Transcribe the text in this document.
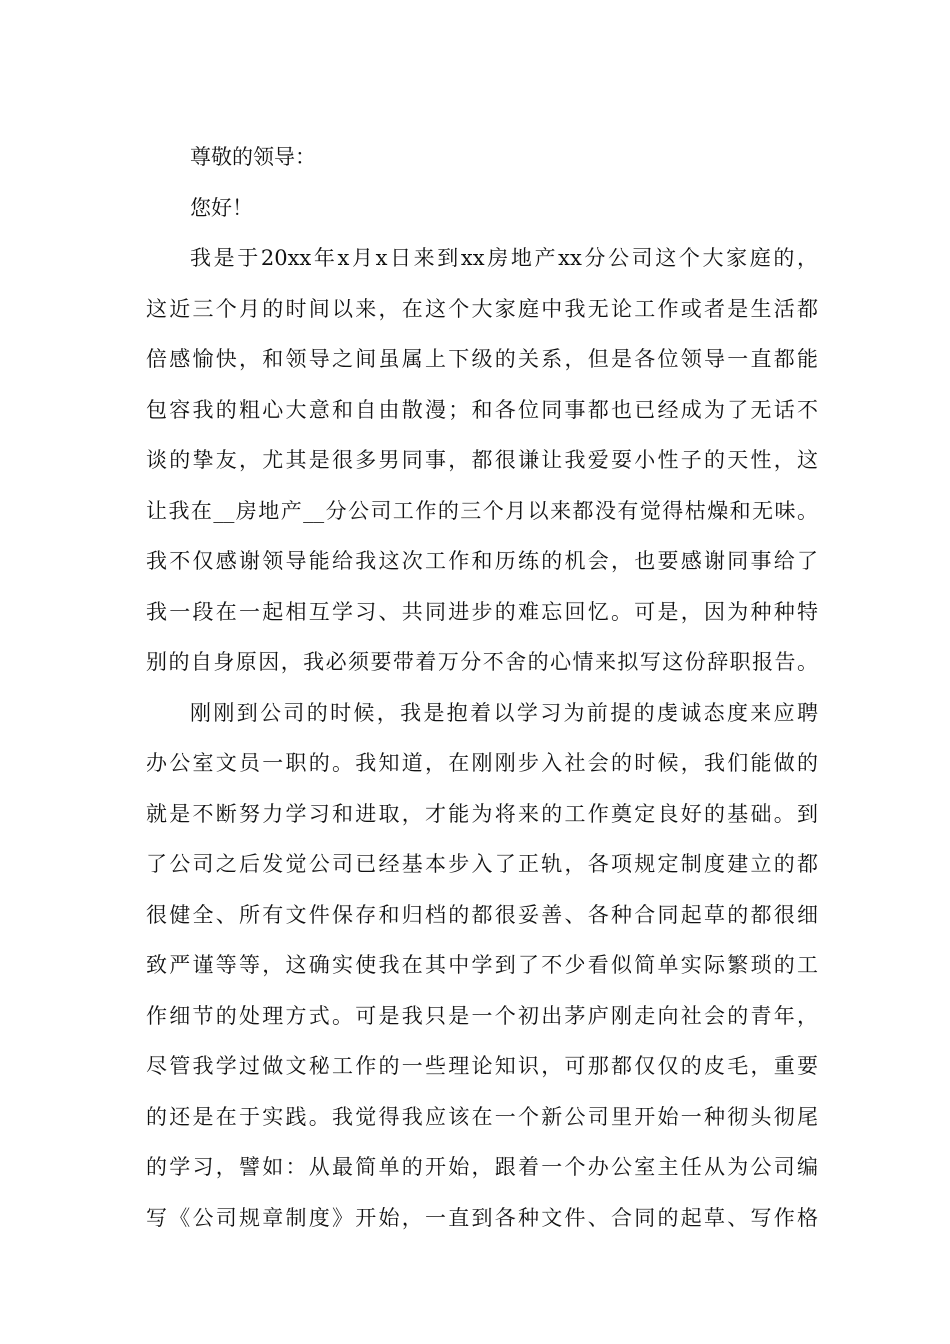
尊敬的领导：
您好！
我是于20xx年x月x日来到xx房地产xx分公司这个大家庭的，
这近三个月的时间以来，在这个大家庭中我无论工作或者是生活都
倍感愉快，和领导之间虽属上下级的关系，但是各位领导一直都能
包容我的粗心大意和自由散漫；和各位同事都也已经成为了无话不
谈的挚友，尤其是很多男同事，都很谦让我爱耍小性子的天性，这
让我在__房地产__分公司工作的三个月以来都没有觉得枯燥和无味。
我不仅感谢领导能给我这次工作和历练的机会，也要感谢同事给了
我一段在一起相互学习、共同进步的难忘回忆。可是，因为种种特
别的自身原因，我必须要带着万分不舍的心情来拟写这份辞职报告。
刚刚到公司的时候，我是抱着以学习为前提的虔诚态度来应聘
办公室文员一职的。我知道，在刚刚步入社会的时候，我们能做的
就是不断努力学习和进取，才能为将来的工作奠定良好的基础。到
了公司之后发觉公司已经基本步入了正轨，各项规定制度建立的都
很健全、所有文件保存和归档的都很妥善、各种合同起草的都很细
致严谨等等，这确实使我在其中学到了不少看似简单实际繁琐的工
作细节的处理方式。可是我只是一个初出茅庐刚走向社会的青年，
尽管我学过做文秘工作的一些理论知识，可那都仅仅的皮毛，重要
的还是在于实践。我觉得我应该在一个新公司里开始一种彻头彻尾
的学习，譬如：从最简单的开始，跟着一个办公室主任从为公司编
写《公司规章制度》开始，一直到各种文件、合同的起草、写作格
